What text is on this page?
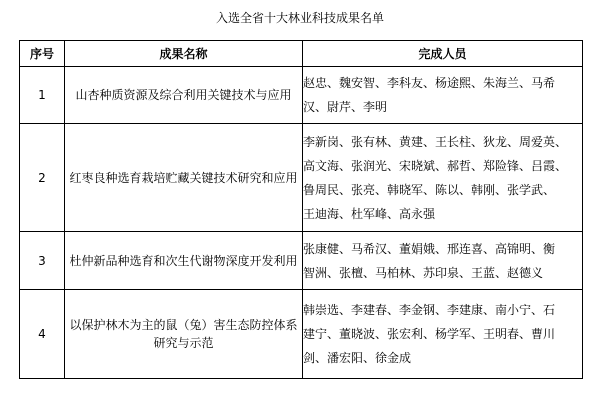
入选全省十大林业科技成果名单
序号	成果名称	完成人员
1	山杏种质资源及综合利用关键技术与应用	赵忠、魏安智、李科友、杨途熙、朱海兰、马希
汉、尉芹、李明

2	红枣良种选育栽培贮藏关键技术研究和应用	李新岗、张有林、黄建、王长柱、狄龙、周爱英、
高文海、张润光、宋晓斌、郝哲、郑险锋、吕霞、
鲁周民、张亮、韩晓军、陈以、韩刚、张学武、
王迪海、杜军峰、高永强

3	杜仲新品种选育和次生代谢物深度开发利用	张康健、马希汉、董娟娥、邢连喜、高锦明、衡
智洲、张檀、马柏林、苏印泉、王蓝、赵德义

4	以保护林木为主的鼠（兔）害生态防控体系研究与示范	韩崇选、李建春、李金钢、李建康、南小宁、石
建宁、董晓波、张宏利、杨学军、王明春、曹川
剑、潘宏阳、徐金成
